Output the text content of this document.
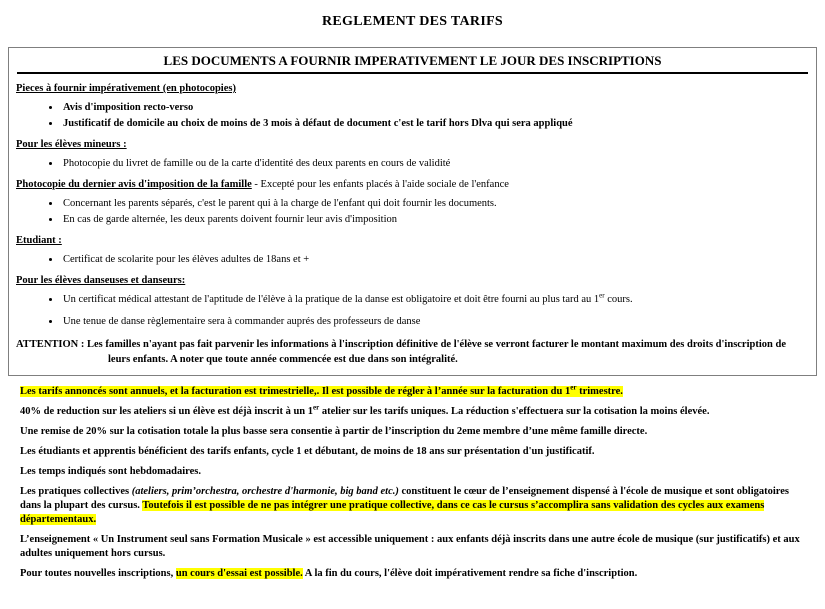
REGLEMENT DES TARIFS
LES DOCUMENTS A FOURNIR IMPERATIVEMENT LE JOUR DES INSCRIPTIONS
Pieces à fournir impérativement (en photocopies)
• Avis d'imposition recto-verso
• Justificatif de domicile au choix de moins de 3 mois à défaut de document c'est le tarif hors Dlva qui sera appliqué
Pour les élèves mineurs :
• Photocopie du livret de famille ou de la carte d'identité des deux parents en cours de validité
Photocopie du dernier avis d'imposition de la famille - Excepté pour les enfants placés à l'aide sociale de l'enfance
• Concernant les parents séparés, c'est le parent qui à la charge de l'enfant qui doit fournir les documents.
• En cas de garde alternée, les deux parents doivent fournir leur avis d'imposition
Etudiant :
• Certificat de scolarite pour les élèves adultes de 18ans et +
Pour les élèves danseuses et danseurs:
• Un certificat médical attestant de l'aptitude de l'élève à la pratique de la danse est obligatoire et doit être fourni au plus tard au 1er cours.
• Une tenue de danse règlementaire sera à commander auprés des professeurs de danse

ATTENTION : Les familles n'ayant pas fait parvenir les informations à l'inscription définitive de l'élève se verront facturer le montant maximum des droits d'inscription de leurs enfants. A noter que toute année commencée est due dans son intégralité.

Les tarifs annoncés sont annuels, et la facturation est trimestrielle,. Il est possible de régler à l’année sur la facturation du 1er trimestre.

40% de reduction sur les ateliers si un élève est déjà inscrit à un 1er atelier sur les tarifs uniques. La réduction s'effectuera sur la cotisation la moins élevée.

Une remise de 20% sur la cotisation totale la plus basse sera consentie à partir de l’inscription du 2eme membre d’une même famille directe.

Les étudiants et apprentis bénéficient des tarifs enfants, cycle 1 et débutant, de moins de 18 ans sur présentation d'un justificatif.

Les temps indiqués sont hebdomadaires.

Les pratiques collectives (ateliers, prim’orchestra, orchestre d'harmonie, big band etc.) constituent le cœur de l’enseignement dispensé à l'école de musique et sont obligatoires dans la plupart des cursus. Toutefois il est possible de ne pas intégrer une pratique collective, dans ce cas le cursus s’accomplira sans validation des cycles aux examens départementaux.

L’enseignement « Un Instrument seul sans Formation Musicale » est accessible uniquement : aux enfants déjà inscrits dans une autre école de musique (sur justificatifs) et aux adultes uniquement hors cursus.

Pour toutes nouvelles inscriptions, un cours d'essai est possible. A la fin du cours, l'élève doit impérativement rendre sa fiche d'inscription.
